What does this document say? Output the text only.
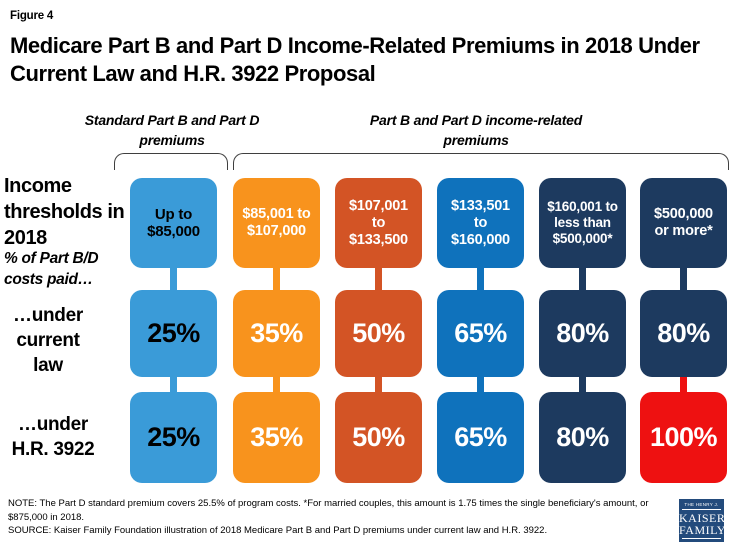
Figure 4
Medicare Part B and Part D Income-Related Premiums in 2018 Under Current Law and H.R. 3922 Proposal
Standard Part B and Part D premiums
Part B and Part D income-related premiums
Income thresholds in 2018
% of Part B/D costs paid…
…under current law
…under H.R. 3922
Up to $85,000
25%
25%
$85,001 to $107,000
35%
35%
$107,001 to $133,500
50%
50%
$133,501 to $160,000
65%
65%
$160,001 to less than $500,000*
80%
80%
$500,000 or more*
80%
100%
NOTE: The Part D standard premium covers 25.5% of program costs. *For married couples, this amount is 1.75 times the single beneficiary's amount, or $875,000 in 2018.
SOURCE: Kaiser Family Foundation illustration of 2018 Medicare Part B and Part D premiums under current law and H.R. 3922.
THE HENRY J.
KAISER
FAMILY
FOUNDATION
